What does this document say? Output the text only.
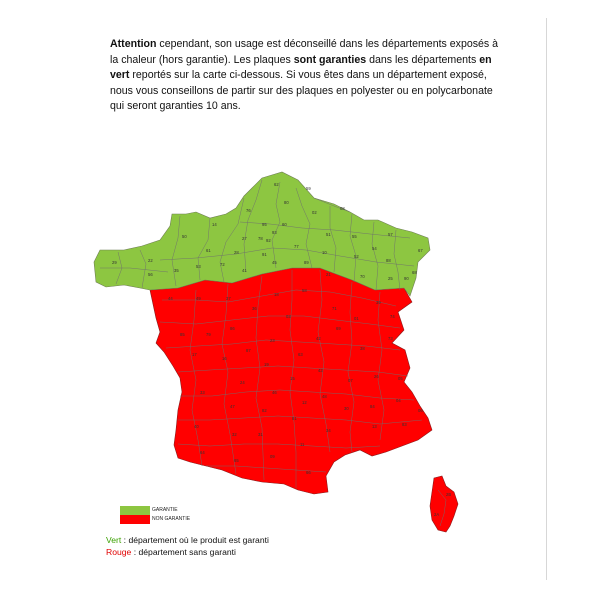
Attention cependant, son usage est déconseillé dans les départements exposés à la chaleur (hors garantie). Les plaques sont garanties dans les départements en vert reportés sur la carte ci-dessous. Si vous êtes dans un département exposé, nous vous conseillons de partir sur des plaques en polyester ou en polycarbonate qui seront garanties 10 ans.
62
59
80
02
08
76
14
50
60
95
27
93
61
78 92
28	91
77
51	55	57
67
68
88
52
54
10
89
41
45
18
58
21	70	25	90
72
53
35
22
29
56
44	49	37
36
03
71
39
01
69
42
74
73
38
85	79
86
17
16
87
23
19
15
63
43
07
26	05
04
06
83
13
84
30
48
12
46
24
33
47
82
81
34
11
66
09
31
32
40
64
65
2A
2B
GARANTIE
NON GARANTIE
Vert : département où le produit est garanti
Rouge : département sans garanti
